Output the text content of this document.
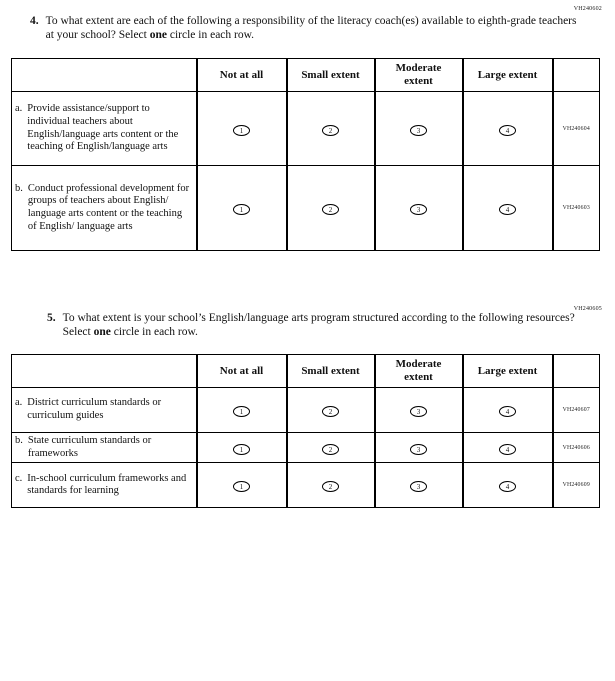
VH240602
4. To what extent are each of the following a responsibility of the literacy coach(es) available to eighth-grade teachers at your school? Select one circle in each row.
	Not at all	Small extent	Moderate extent	Large extent	

a. Provide assistance/support to individual teachers about English/language arts content or the teaching of English/language arts	1	2	3	4	VH240604

b. Conduct professional development for groups of teachers about English/ language arts content or the teaching of English/ language arts	1	2	3	4	VH240603
VH240605
5. To what extent is your school’s English/language arts program structured according to the following resources? Select one circle in each row.
	Not at all	Small extent	Moderate extent	Large extent	

a. District curriculum standards or curriculum guides	1	2	3	4	VH240607

b. State curriculum standards or frameworks	1	2	3	4	VH240606

c. In-school curriculum frameworks and standards for learning	1	2	3	4	VH240609
